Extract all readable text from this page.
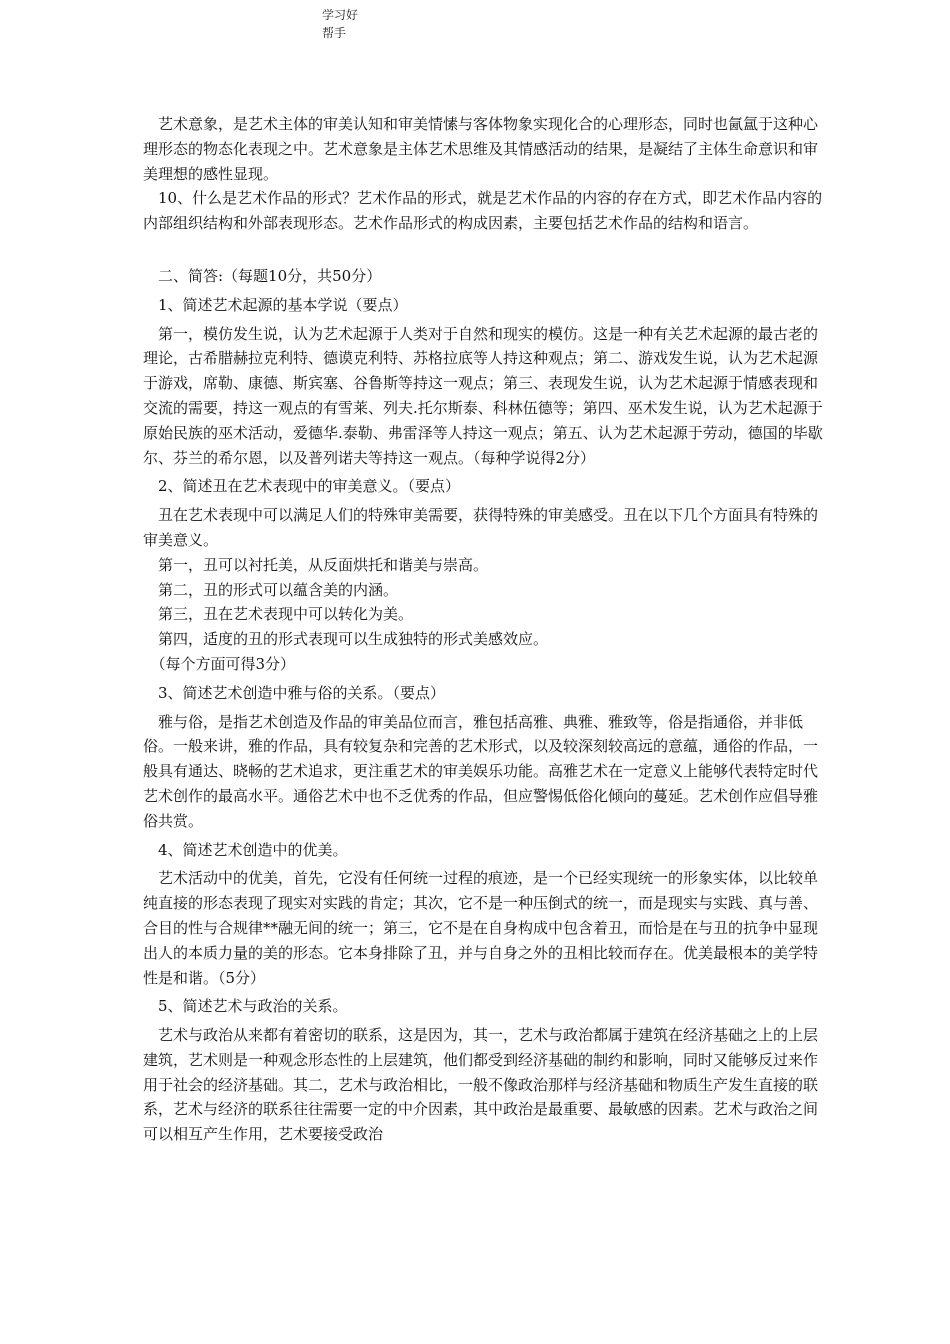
学习好帮手

　艺术意象，是艺术主体的审美认知和审美情愫与客体物象实现化合的心理形态，同时也氤氲于这种心理形态的物态化表现之中。艺术意象是主体艺术思维及其情感活动的结果，是凝结了主体生命意识和审美理想的感性显现。

　10、什么是艺术作品的形式？艺术作品的形式，就是艺术作品的内容的存在方式，即艺术作品内容的内部组织结构和外部表现形态。艺术作品形式的构成因素，主要包括艺术作品的结构和语言。

　二、简答:（每题10分，共50分）

　1、简述艺术起源的基本学说（要点）

　第一，模仿发生说，认为艺术起源于人类对于自然和现实的模仿。这是一种有关艺术起源的最古老的理论，古希腊赫拉克利特、德谟克利特、苏格拉底等人持这种观点；第二、游戏发生说，认为艺术起源于游戏，席勒、康德、斯宾塞、谷鲁斯等持这一观点；第三、表现发生说，认为艺术起源于情感表现和交流的需要，持这一观点的有雪莱、列夫.托尔斯泰、科林伍德等；第四、巫术发生说，认为艺术起源于原始民族的巫术活动，爱德华.泰勒、弗雷泽等人持这一观点；第五、认为艺术起源于劳动，德国的毕歇尔、芬兰的希尔恩，以及普列诺夫等持这一观点。（每种学说得2分）

　2、简述丑在艺术表现中的审美意义。（要点）

　丑在艺术表现中可以满足人们的特殊审美需要，获得特殊的审美感受。丑在以下几个方面具有特殊的审美意义。

　第一，丑可以衬托美，从反面烘托和谐美与崇高。

　第二，丑的形式可以蕴含美的内涵。

　第三，丑在艺术表现中可以转化为美。

　第四，适度的丑的形式表现可以生成独特的形式美感效应。

　（每个方面可得3分）

　3、简述艺术创造中雅与俗的关系。（要点）

　雅与俗，是指艺术创造及作品的审美品位而言，雅包括高雅、典雅、雅致等，俗是指通俗，并非低俗。一般来讲，雅的作品，具有较复杂和完善的艺术形式，以及较深刻较高远的意蕴，通俗的作品，一般具有通达、晓畅的艺术追求，更注重艺术的审美娱乐功能。高雅艺术在一定意义上能够代表特定时代艺术创作的最高水平。通俗艺术中也不乏优秀的作品，但应警惕低俗化倾向的蔓延。艺术创作应倡导雅俗共赏。

　4、简述艺术创造中的优美。

　艺术活动中的优美，首先，它没有任何统一过程的痕迹，是一个已经实现统一的形象实体，以比较单纯直接的形态表现了现实对实践的肯定；其次，它不是一种压倒式的统一，而是现实与实践、真与善、合目的性与合规律**融无间的统一；第三，它不是在自身构成中包含着丑，而恰是在与丑的抗争中显现出人的本质力量的美的形态。它本身排除了丑，并与自身之外的丑相比较而存在。优美最根本的美学特性是和谐。（5分）

　5、简述艺术与政治的关系。

　艺术与政治从来都有着密切的联系，这是因为，其一，艺术与政治都属于建筑在经济基础之上的上层建筑，艺术则是一种观念形态性的上层建筑，他们都受到经济基础的制约和影响，同时又能够反过来作用于社会的经济基础。其二，艺术与政治相比，一般不像政治那样与经济基础和物质生产发生直接的联系，艺术与经济的联系往往需要一定的中介因素，其中政治是最重要、最敏感的因素。艺术与政治之间可以相互产生作用，艺术要接受政治
